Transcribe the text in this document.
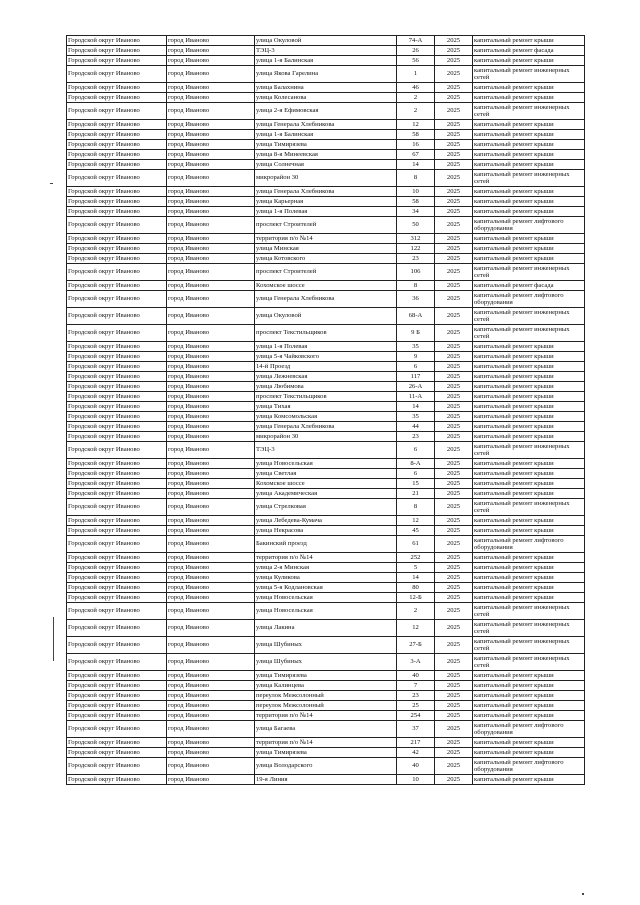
Городской округ Иваново	город Иваново	улица Окуловой	74-А	2025	капитальный ремонт крыши
Городской округ Иваново	город Иваново	ТЭЦ-3	26	2025	капитальный ремонт фасада
Городской округ Иваново	город Иваново	улица 1-я Балинская	56	2025	капитальный ремонт крыши
Городской округ Иваново	город Иваново	улица Якова Гарелина	1	2025	капитальный ремонт инженерных сетей
Городской округ Иваново	город Иваново	улица Балахнина	46	2025	капитальный ремонт крыши
Городской округ Иваново	город Иваново	улица Колесанова	2	2025	капитальный ремонт крыши
Городской округ Иваново	город Иваново	улица 2-я Ефимовская	2	2025	капитальный ремонт инженерных сетей
Городской округ Иваново	город Иваново	улица Генерала Хлебникова	12	2025	капитальный ремонт крыши
Городской округ Иваново	город Иваново	улица 1-я Балинская	58	2025	капитальный ремонт крыши
Городской округ Иваново	город Иваново	улица Тимирязева	16	2025	капитальный ремонт крыши
Городской округ Иваново	город Иваново	улица 8-я Минеевская	67	2025	капитальный ремонт крыши
Городской округ Иваново	город Иваново	улица Солнечная	14	2025	капитальный ремонт крыши
Городской округ Иваново	город Иваново	микрорайон 30	8	2025	капитальный ремонт инженерных сетей
Городской округ Иваново	город Иваново	улица Генерала Хлебникова	10	2025	капитальный ремонт крыши
Городской округ Иваново	город Иваново	улица Карьерная	58	2025	капитальный ремонт крыши
Городской округ Иваново	город Иваново	улица 1-я Полевая	34	2025	капитальный ремонт крыши
Городской округ Иваново	город Иваново	проспект Строителей	50	2025	капитальный ремонт лифтового оборудования
Городской округ Иваново	город Иваново	территория п/о №14	312	2025	капитальный ремонт крыши
Городской округ Иваново	город Иваново	улица Минская	122	2025	капитальный ремонт крыши
Городской округ Иваново	город Иваново	улица Котовского	23	2025	капитальный ремонт крыши
Городской округ Иваново	город Иваново	проспект Строителей	106	2025	капитальный ремонт инженерных сетей
Городской округ Иваново	город Иваново	Кохомское шоссе	8	2025	капитальный ремонт фасада
Городской округ Иваново	город Иваново	улица Генерала Хлебникова	36	2025	капитальный ремонт лифтового оборудования
Городской округ Иваново	город Иваново	улица Окуловой	68-А	2025	капитальный ремонт инженерных сетей
Городской округ Иваново	город Иваново	проспект Текстильщиков	9 Б	2025	капитальный ремонт инженерных сетей
Городской округ Иваново	город Иваново	улица 1-я Полевая	35	2025	капитальный ремонт крыши
Городской округ Иваново	город Иваново	улица 5-я Чайковского	9	2025	капитальный ремонт крыши
Городской округ Иваново	город Иваново	14-й Проезд	6	2025	капитальный ремонт крыши
Городской округ Иваново	город Иваново	улица Лежневская	117	2025	капитальный ремонт крыши
Городской округ Иваново	город Иваново	улица Любимова	26-А	2025	капитальный ремонт крыши
Городской округ Иваново	город Иваново	проспект Текстильщиков	11-А	2025	капитальный ремонт крыши
Городской округ Иваново	город Иваново	улица Тихая	14	2025	капитальный ремонт крыши
Городской округ Иваново	город Иваново	улица Комсомольская	35	2025	капитальный ремонт крыши
Городской округ Иваново	город Иваново	улица Генерала Хлебникова	44	2025	капитальный ремонт крыши
Городской округ Иваново	город Иваново	микрорайон 30	23	2025	капитальный ремонт крыши
Городской округ Иваново	город Иваново	ТЭЦ-3	6	2025	капитальный ремонт инженерных сетей
Городской округ Иваново	город Иваново	улица Новосельская	8-А	2025	капитальный ремонт крыши
Городской округ Иваново	город Иваново	улица Светлая	6	2025	капитальный ремонт крыши
Городской округ Иваново	город Иваново	Кохомское шоссе	15	2025	капитальный ремонт крыши
Городской округ Иваново	город Иваново	улица Академическая	21	2025	капитальный ремонт крыши
Городской округ Иваново	город Иваново	улица Стрелковая	8	2025	капитальный ремонт инженерных сетей
Городской округ Иваново	город Иваново	улица Лебедева-Кумача	12	2025	капитальный ремонт крыши
Городской округ Иваново	город Иваново	улица Некрасова	45	2025	капитальный ремонт крыши
Городской округ Иваново	город Иваново	Бакинский проезд	61	2025	капитальный ремонт лифтового оборудования
Городской округ Иваново	город Иваново	территория п/о №14	252	2025	капитальный ремонт крыши
Городской округ Иваново	город Иваново	улица 2-я Минская	5	2025	капитальный ремонт крыши
Городской округ Иваново	город Иваново	улица Куликова	14	2025	капитальный ремонт крыши
Городской округ Иваново	город Иваново	улица 5-я Кодлановская	80	2025	капитальный ремонт крыши
Городской округ Иваново	город Иваново	улица Новосельская	12-Б	2025	капитальный ремонт крыши
Городской округ Иваново	город Иваново	улица Новосельская	2	2025	капитальный ремонт инженерных сетей
Городской округ Иваново	город Иваново	улица Лакина	12	2025	капитальный ремонт инженерных сетей
Городской округ Иваново	город Иваново	улица Шубиных	27-Б	2025	капитальный ремонт инженерных сетей
Городской округ Иваново	город Иваново	улица Шубиных	3-А	2025	капитальный ремонт инженерных сетей
Городской округ Иваново	город Иваново	улица Тимирязева	40	2025	капитальный ремонт крыши
Городской округ Иваново	город Иваново	улица Калинцева	7	2025	капитальный ремонт крыши
Городской округ Иваново	город Иваново	переулок Межсолонный	23	2025	капитальный ремонт крыши
Городской округ Иваново	город Иваново	переулок Межсолонный	25	2025	капитальный ремонт крыши
Городской округ Иваново	город Иваново	территория п/о №14	254	2025	капитальный ремонт крыши
Городской округ Иваново	город Иваново	улица Багаева	37	2025	капитальный ремонт лифтового оборудования
Городской округ Иваново	город Иваново	территория п/о №14	217	2025	капитальный ремонт крыши
Городской округ Иваново	город Иваново	улица Тимирязева	42	2025	капитальный ремонт крыши
Городской округ Иваново	город Иваново	улица Володарского	40	2025	капитальный ремонт лифтового оборудования
Городской округ Иваново	город Иваново	19-я Линия	10	2025	капитальный ремонт крыши
